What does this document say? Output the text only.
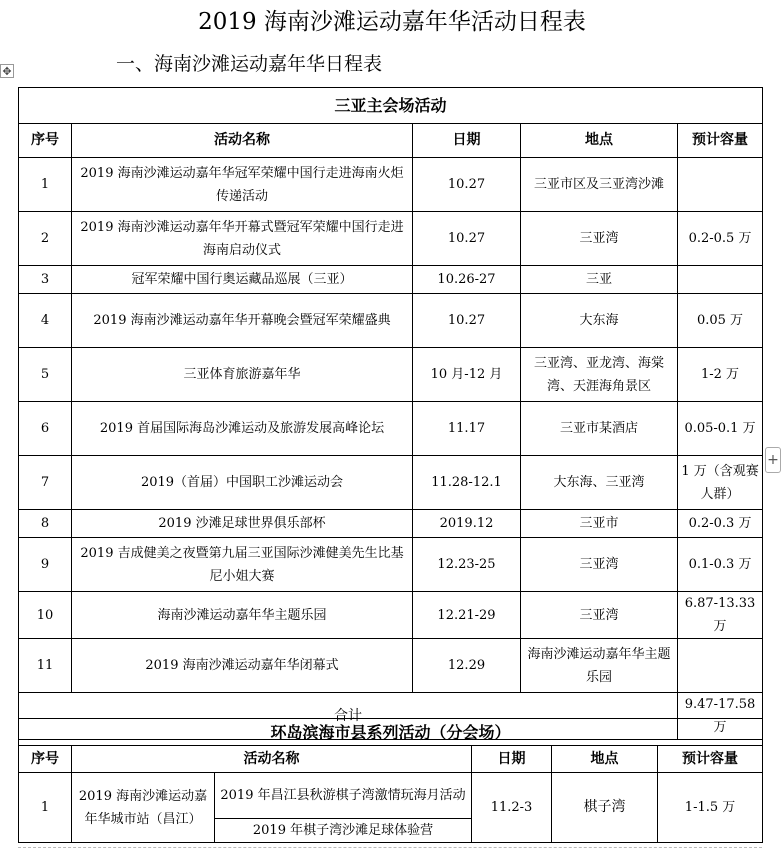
2019 海南沙滩运动嘉年华活动日程表
一、海南沙滩运动嘉年华日程表
✥
+
三亚主会场活动				
序号	活动名称	日期	地点	预计容量
1	2019 海南沙滩运动嘉年华冠军荣耀中国行走进海南火炬传递活动	10.27	三亚市区及三亚湾沙滩	
2	2019 海南沙滩运动嘉年华开幕式暨冠军荣耀中国行走进海南启动仪式	10.27	三亚湾	0.2-0.5 万
3	冠军荣耀中国行奥运藏品巡展（三亚）	10.26-27	三亚	
4	2019 海南沙滩运动嘉年华开幕晚会暨冠军荣耀盛典	10.27	大东海	0.05 万
5	三亚体育旅游嘉年华	10 月-12 月	三亚湾、亚龙湾、海棠湾、天涯海角景区	1-2 万
6	2019 首届国际海岛沙滩运动及旅游发展高峰论坛	11.17	三亚市某酒店	0.05-0.1 万
7	2019（首届）中国职工沙滩运动会	11.28-12.1	大东海、三亚湾	1 万（含观赛人群）
8	2019 沙滩足球世界俱乐部杯	2019.12	三亚市	0.2-0.3 万
9	2019 吉成健美之夜暨第九届三亚国际沙滩健美先生比基尼小姐大赛	12.23-25	三亚湾	0.1-0.3 万
10	海南沙滩运动嘉年华主题乐园	12.21-29	三亚湾	6.87-13.33 万
11	2019 海南沙滩运动嘉年华闭幕式	12.29	海南沙滩运动嘉年华主题乐园	
合计				9.47-17.58 万
环岛滨海市县系列活动（分会场）					
序号	活动名称		日期	地点	预计容量
1	2019 海南沙滩运动嘉年华城市站（昌江）	2019 年昌江县秋游棋子湾激情玩海月活动	11.2-3	棋子湾	1-1.5 万
		2019 年棋子湾沙滩足球体验营			
